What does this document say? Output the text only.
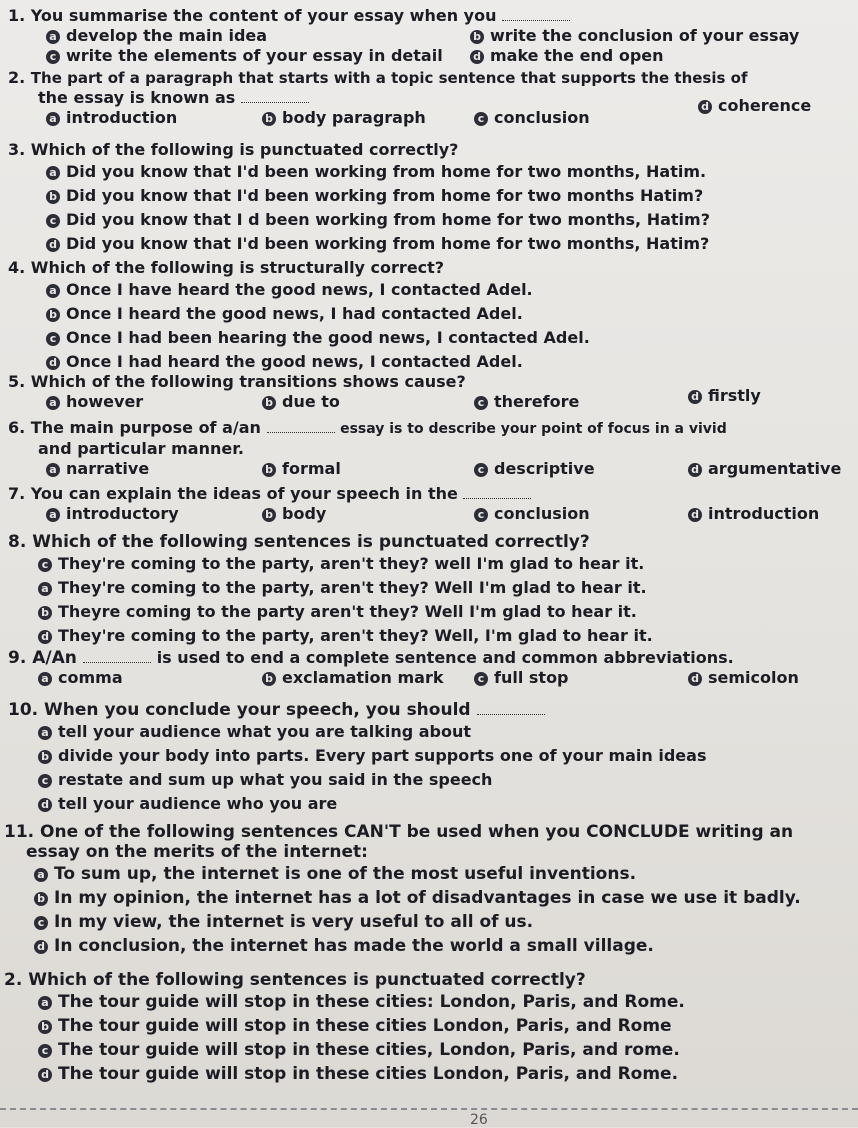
1. You summarise the content of your essay when you
a develop the main idea	b write the conclusion of your essay
c write the elements of your essay in detail	d make the end open
2. The part of a paragraph that starts with a topic sentence that supports the thesis of
the essay is known as
a introduction	b body paragraph	c conclusion
d coherence
3. Which of the following is punctuated correctly?
a Did you know that I'd been working from home for two months, Hatim.
b Did you know that I'd been working from home for two months Hatim?
c Did you know that I d been working from home for two months, Hatim?
d Did you know that I'd been working from home for two months, Hatim?
4. Which of the following is structurally correct?
a Once I have heard the good news, I contacted Adel.
b Once I heard the good news, I had contacted Adel.
c Once I had been hearing the good news, I contacted Adel.
d Once I had heard the good news, I contacted Adel.
5. Which of the following transitions shows cause?
a however	b due to	c therefore	d firstly
6. The main purpose of a/an	essay is to describe your point of focus in a vivid
and particular manner.
a narrative	b formal	c descriptive	d argumentative
7. You can explain the ideas of your speech in the
a introductory	b body	c conclusion	d introduction
8. Which of the following sentences is punctuated correctly?
c They're coming to the party, aren't they? well I'm glad to hear it.
a They're coming to the party, aren't they? Well I'm glad to hear it.
b Theyre coming to the party aren't they? Well I'm glad to hear it.
d They're coming to the party, aren't they? Well, I'm glad to hear it.
9. A/An	is used to end a complete sentence and common abbreviations.
a comma	b exclamation mark	c full stop	d semicolon
10. When you conclude your speech, you should
a tell your audience what you are talking about
b divide your body into parts. Every part supports one of your main ideas
c restate and sum up what you said in the speech
d tell your audience who you are
11. One of the following sentences CAN'T be used when you CONCLUDE writing an
essay on the merits of the internet:
a To sum up, the internet is one of the most useful inventions.
b In my opinion, the internet has a lot of disadvantages in case we use it badly.
c In my view, the internet is very useful to all of us.
d In conclusion, the internet has made the world a small village.
2. Which of the following sentences is punctuated correctly?
a The tour guide will stop in these cities: London, Paris, and Rome.
b The tour guide will stop in these cities London, Paris, and Rome
c The tour guide will stop in these cities, London, Paris, and rome.
d The tour guide will stop in these cities London, Paris, and Rome.
26
